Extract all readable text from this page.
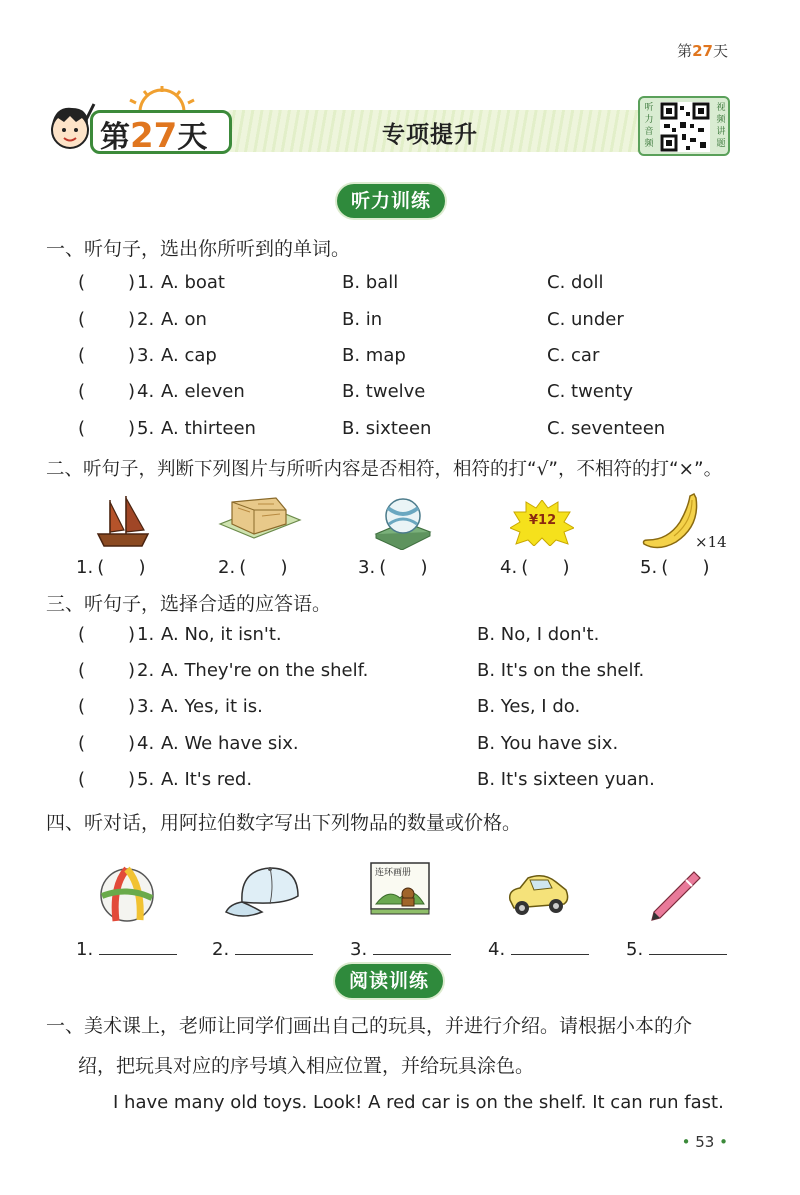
第27天
第27天	专项提升
听力音频
视频讲题
听力训练
一、听句子，选出你所听到的单词。
( ) 1. A. boat	B. ball	C. doll
( ) 2. A. on	B. in	C. under
( ) 3. A. cap	B. map	C. car
( ) 4. A. eleven	B. twelve	C. twenty
( ) 5. A. thirteen	B. sixteen	C. seventeen
二、听句子，判断下列图片与所听内容是否相符，相符的打“√”，不相符的打“×”。
¥12
×14
1. (      )	2. (      )	3. (      )	4. (      )	5. (      )
三、听句子，选择合适的应答语。
( ) 1. A. No, it isn't.	B. No, I don't.
( ) 2. A. They're on the shelf.	B. It's on the shelf.
( ) 3. A. Yes, it is.	B. Yes, I do.
( ) 4. A. We have six.	B. You have six.
( ) 5. A. It's red.	B. It's sixteen yuan.
四、听对话，用阿拉伯数字写出下列物品的数量或价格。
连环画册
1.	2.	3.	4.	5.
阅读训练
一、美术课上，老师让同学们画出自己的玩具，并进行介绍。请根据小本的介
绍，把玩具对应的序号填入相应位置，并给玩具涂色。
I have many old toys. Look! A red car is on the shelf. It can run fast.
• 53 •
